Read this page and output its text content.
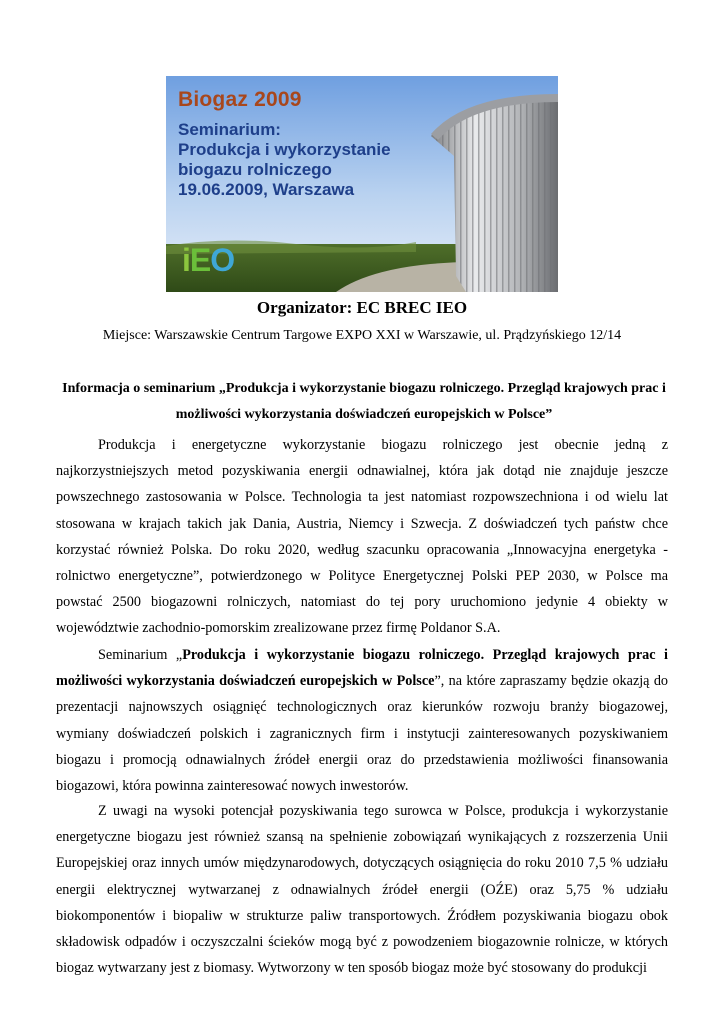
Biogaz 2009
Seminarium:
Produkcja i wykorzystanie
biogazu rolniczego
19.06.2009, Warszawa
iEO
Organizator: EC BREC IEO
Miejsce: Warszawskie Centrum Targowe EXPO XXI w Warszawie, ul. Prądzyńskiego 12/14
Informacja o seminarium „Produkcja i wykorzystanie biogazu rolniczego. Przegląd krajowych prac i możliwości wykorzystania doświadczeń europejskich w Polsce”

Produkcja i energetyczne wykorzystanie biogazu rolniczego jest obecnie jedną z najkorzystniejszych metod pozyskiwania energii odnawialnej, która jak dotąd nie znajduje jeszcze powszechnego zastosowania w Polsce. Technologia ta jest natomiast rozpowszechniona i od wielu lat stosowana w krajach takich jak Dania, Austria, Niemcy i Szwecja. Z doświadczeń tych państw chce korzystać również Polska. Do roku 2020, według szacunku opracowania „Innowacyjna energetyka - rolnictwo energetyczne”, potwierdzonego w Polityce Energetycznej Polski PEP 2030, w Polsce ma powstać 2500 biogazowni rolniczych, natomiast do tej pory uruchomiono jedynie 4 obiekty w województwie zachodnio-pomorskim zrealizowane przez firmę Poldanor S.A.

Seminarium „Produkcja i wykorzystanie biogazu rolniczego. Przegląd krajowych prac i możliwości wykorzystania doświadczeń europejskich w Polsce”, na które zapraszamy będzie okazją do prezentacji najnowszych osiągnięć technologicznych oraz kierunków rozwoju branży biogazowej, wymiany doświadczeń polskich i zagranicznych firm i instytucji zainteresowanych pozyskiwaniem biogazu i promocją odnawialnych źródeł energii oraz do przedstawienia możliwości finansowania biogazowi, która powinna zainteresować nowych inwestorów.

Z uwagi na wysoki potencjał pozyskiwania tego surowca w Polsce, produkcja i wykorzystanie energetyczne biogazu jest również szansą na spełnienie zobowiązań wynikających z rozszerzenia Unii Europejskiej oraz innych umów międzynarodowych, dotyczących osiągnięcia do roku 2010 7,5 % udziału energii elektrycznej wytwarzanej z odnawialnych źródeł energii (OŹE) oraz 5,75 % udziału biokomponentów i biopaliw w strukturze paliw transportowych. Źródłem pozyskiwania biogazu obok składowisk odpadów i oczyszczalni ścieków mogą być z powodzeniem biogazownie rolnicze, w których biogaz wytwarzany jest z biomasy. Wytworzony w ten sposób biogaz może być stosowany do produkcji
